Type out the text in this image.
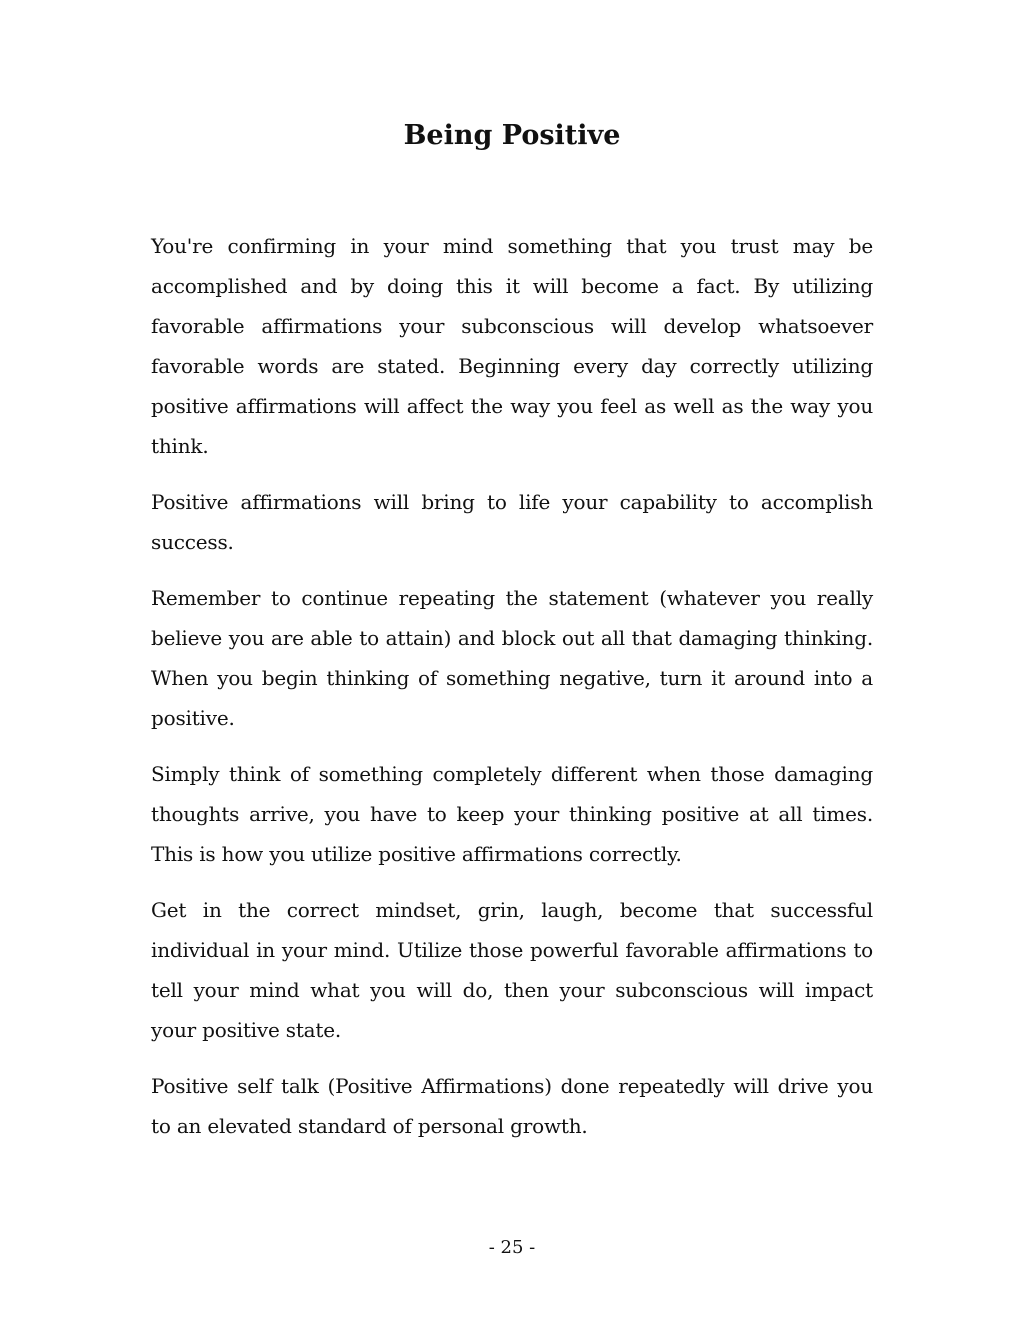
Being Positive

You're confirming in your mind something that you trust may be accomplished and by doing this it will become a fact. By utilizing favorable affirmations your subconscious will develop whatsoever favorable words are stated. Beginning every day correctly utilizing positive affirmations will affect the way you feel as well as the way you think.

Positive affirmations will bring to life your capability to accomplish success.

Remember to continue repeating the statement (whatever you really believe you are able to attain) and block out all that damaging thinking. When you begin thinking of something negative, turn it around into a positive.

Simply think of something completely different when those damaging thoughts arrive, you have to keep your thinking positive at all times. This is how you utilize positive affirmations correctly.

Get in the correct mindset, grin, laugh, become that successful individual in your mind. Utilize those powerful favorable affirmations to tell your mind what you will do, then your subconscious will impact your positive state.

Positive self talk (Positive Affirmations) done repeatedly will drive you to an elevated standard of personal growth.

- 25 -
